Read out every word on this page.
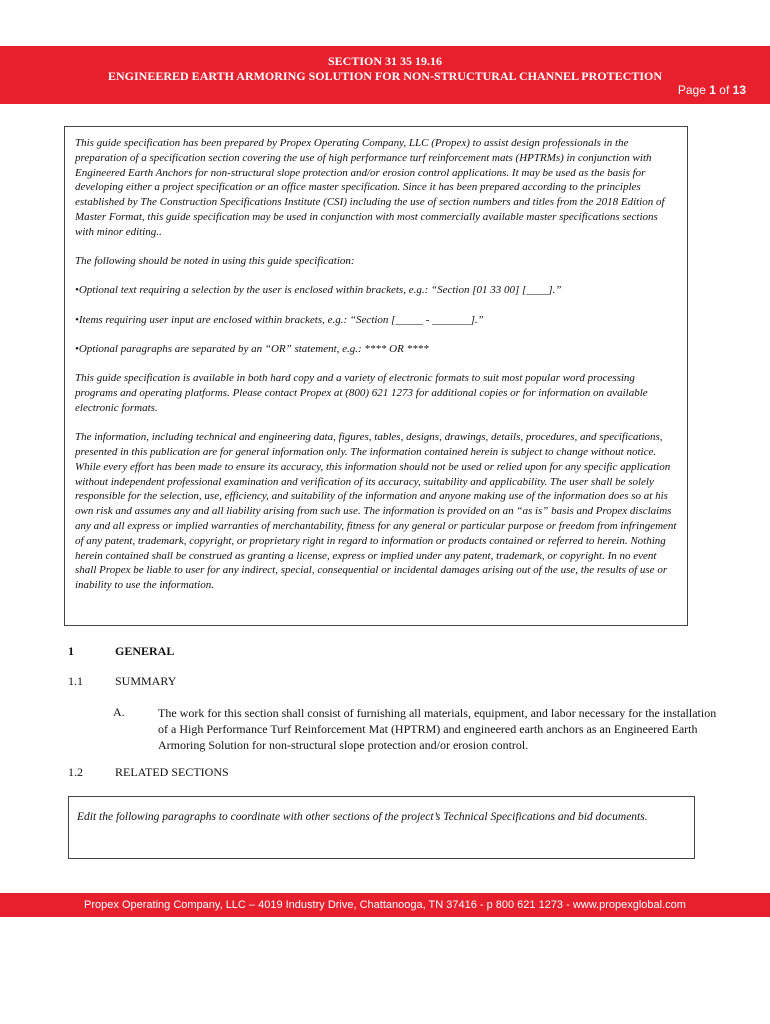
SECTION 31 35 19.16
ENGINEERED EARTH ARMORING SOLUTION FOR NON-STRUCTURAL CHANNEL PROTECTION
Page 1 of 13

This guide specification has been prepared by Propex Operating Company, LLC (Propex) to assist design professionals in the preparation of a specification section covering the use of high performance turf reinforcement mats (HPTRMs) in conjunction with Engineered Earth Anchors for non-structural slope protection and/or erosion control applications. It may be used as the basis for developing either a project specification or an office master specification. Since it has been prepared according to the principles established by The Construction Specifications Institute (CSI) including the use of section numbers and titles from the 2018 Edition of Master Format, this guide specification may be used in conjunction with most commercially available master specifications sections with minor editing..

The following should be noted in using this guide specification:

•Optional text requiring a selection by the user is enclosed within brackets, e.g.: “Section [01 33 00] [____].”

•Items requiring user input are enclosed within brackets, e.g.: “Section [_____ - _______].”

•Optional paragraphs are separated by an “OR” statement, e.g.: **** OR ****

This guide specification is available in both hard copy and a variety of electronic formats to suit most popular word processing programs and operating platforms. Please contact Propex at (800) 621 1273 for additional copies or for information on available electronic formats.

The information, including technical and engineering data, figures, tables, designs, drawings, details, procedures, and specifications, presented in this publication are for general information only. The information contained herein is subject to change without notice. While every effort has been made to ensure its accuracy, this information should not be used or relied upon for any specific application without independent professional examination and verification of its accuracy, suitability and applicability. The user shall be solely responsible for the selection, use, efficiency, and suitability of the information and anyone making use of the information does so at his own risk and assumes any and all liability arising from such use. The information is provided on an “as is” basis and Propex disclaims any and all express or implied warranties of merchantability, fitness for any general or particular purpose or freedom from infringement of any patent, trademark, copyright, or proprietary right in regard to information or products contained or referred to herein. Nothing herein contained shall be construed as granting a license, express or implied under any patent, trademark, or copyright. In no event shall Propex be liable to user for any indirect, special, consequential or incidental damages arising out of the use, the results of use or inability to use the information.

1	GENERAL
1.1	SUMMARY
A.	The work for this section shall consist of furnishing all materials, equipment, and labor necessary for the installation of a High Performance Turf Reinforcement Mat (HPTRM) and engineered earth anchors as an Engineered Earth Armoring Solution for non-structural slope protection and/or erosion control.
1.2	RELATED SECTIONS
Edit the following paragraphs to coordinate with other sections of the project’s Technical Specifications and bid documents.
Propex Operating Company, LLC – 4019 Industry Drive, Chattanooga, TN 37416 - p 800 621 1273 - www.propexglobal.com
